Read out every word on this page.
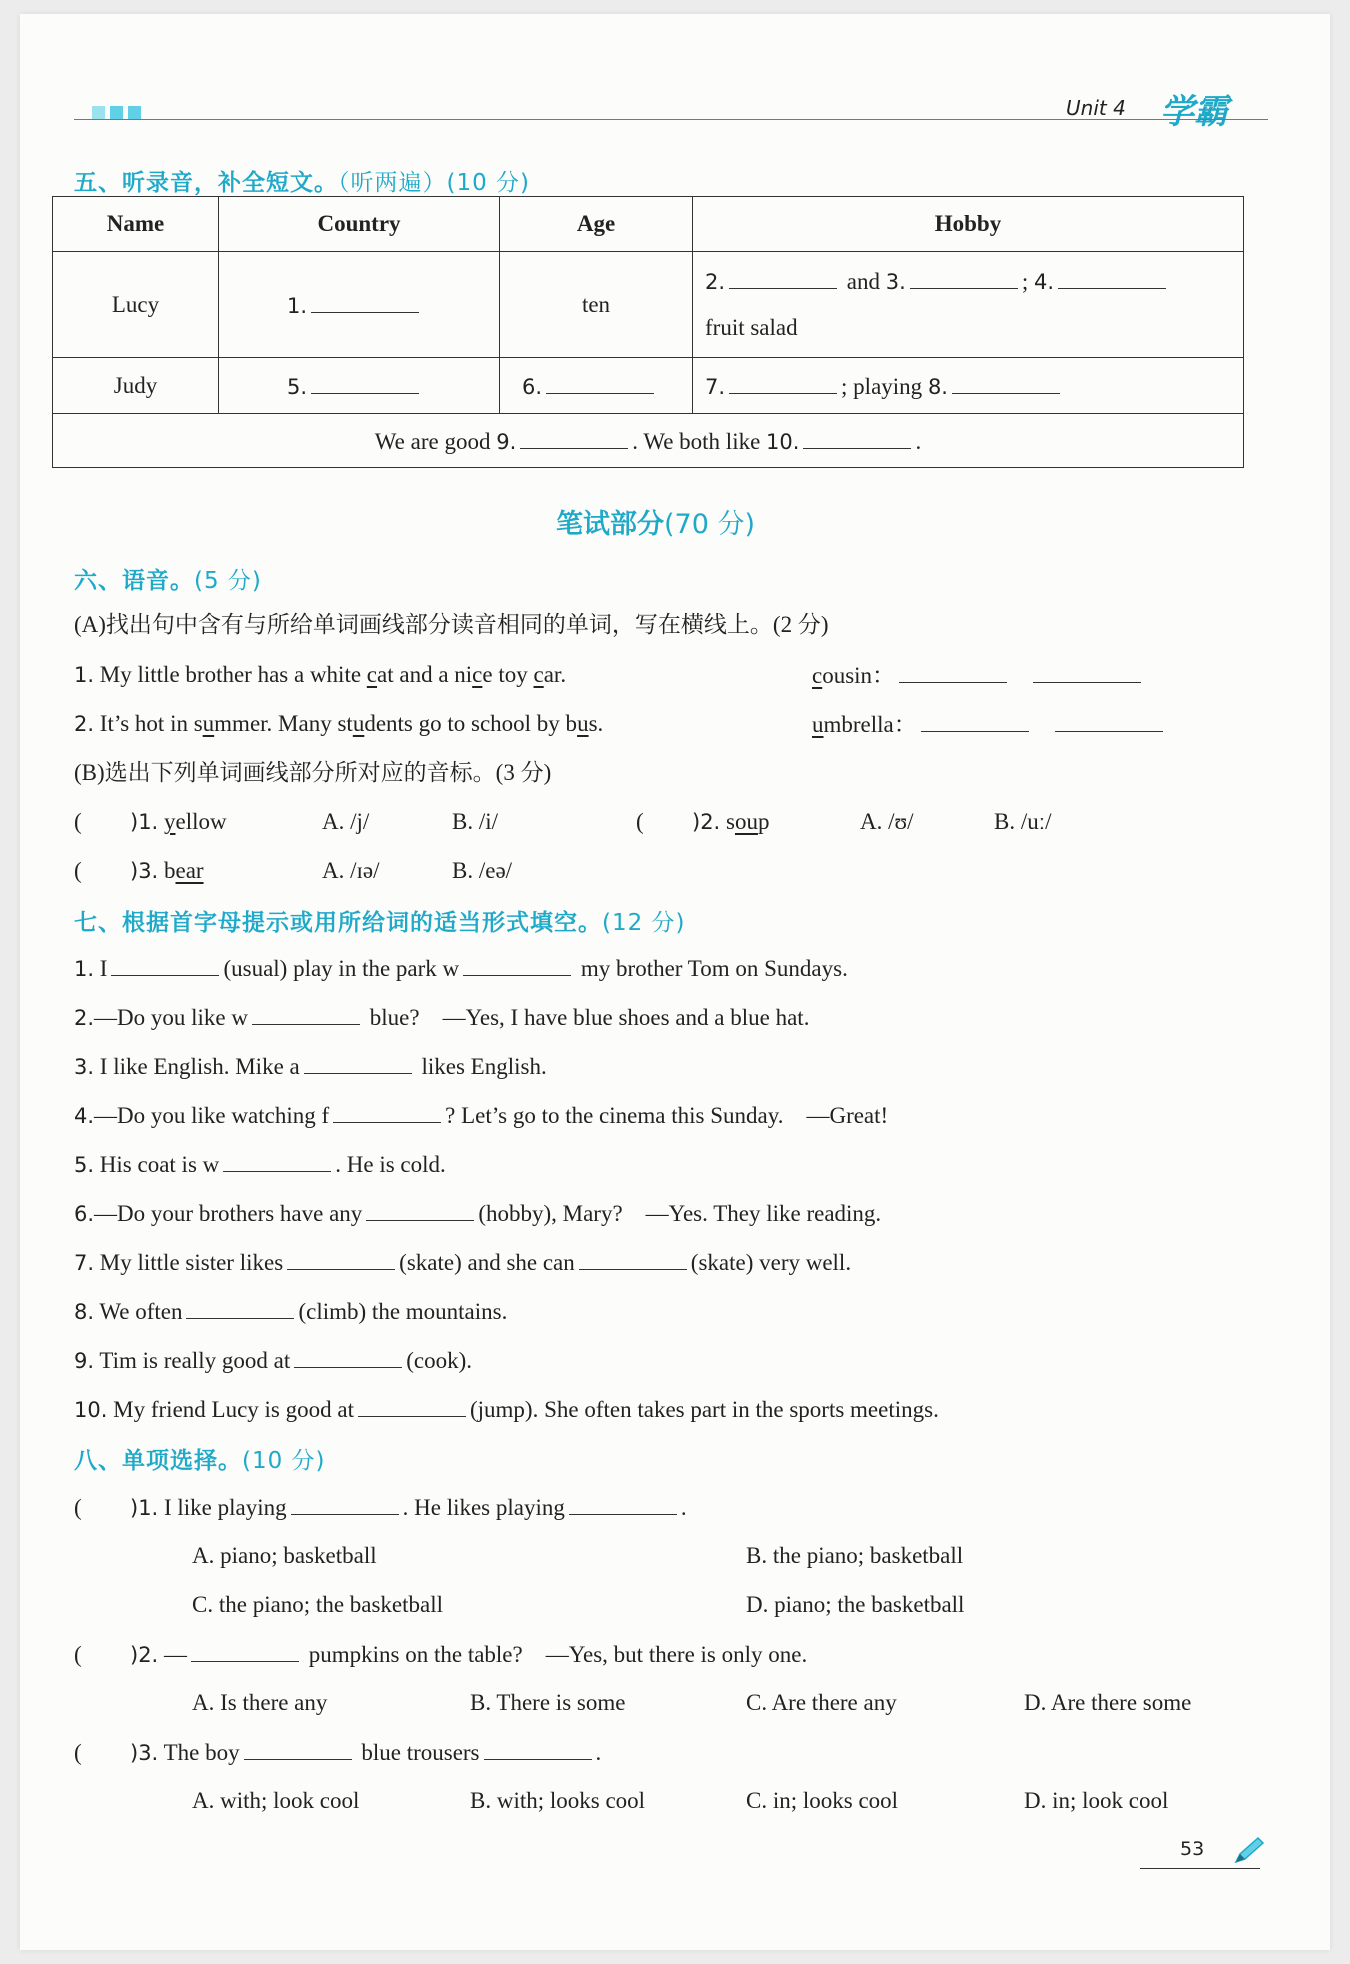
Unit 4 学霸
五、听录音，补全短文。（听两遍）(10 分)
Name	Country	Age	Hobby
Lucy	1.	ten	2. and 3. ; 4.
fruit salad
Judy	5.	6.	7. ; playing 8.
We are good 9. . We both like 10. .			
笔试部分(70 分)
六、语音。(5 分)
(A)找出句中含有与所给单词画线部分读音相同的单词，写在横线上。(2 分)
1. My little brother has a white cat and a nice toy car.	cousin：
2. It’s hot in summer. Many students go to school by bus.	umbrella：
(B)选出下列单词画线部分所对应的音标。(3 分)
( )1. yellow	A. /j/	B. /i/	( )2. soup	A. /ʊ/	B. /uː/
( )3. bear	A. /ɪə/	B. /eə/
七、根据首字母提示或用所给词的适当形式填空。(12 分)
1. I	(usual) play in the park w	my brother Tom on Sundays.
2.—Do you like w	blue?　—Yes, I have blue shoes and a blue hat.
3. I like English. Mike a	likes English.
4.—Do you like watching f	? Let’s go to the cinema this Sunday.　—Great!
5. His coat is w	. He is cold.
6.—Do your brothers have any	(hobby), Mary?　—Yes. They like reading.
7. My little sister likes	(skate) and she can	(skate) very well.
8. We often	(climb) the mountains.
9. Tim is really good at	(cook).
10. My friend Lucy is good at	(jump). She often takes part in the sports meetings.
八、单项选择。(10 分)
( )1. I like playing	. He likes playing	.
A. piano; basketball	B. the piano; basketball
C. the piano; the basketball	D. piano; the basketball
( )2. —	pumpkins on the table?　—Yes, but there is only one.
A. Is there any	B. There is some	C. Are there any	D. Are there some
( )3. The boy	blue trousers	.
A. with; look cool	B. with; looks cool	C. in; looks cool	D. in; look cool
53
